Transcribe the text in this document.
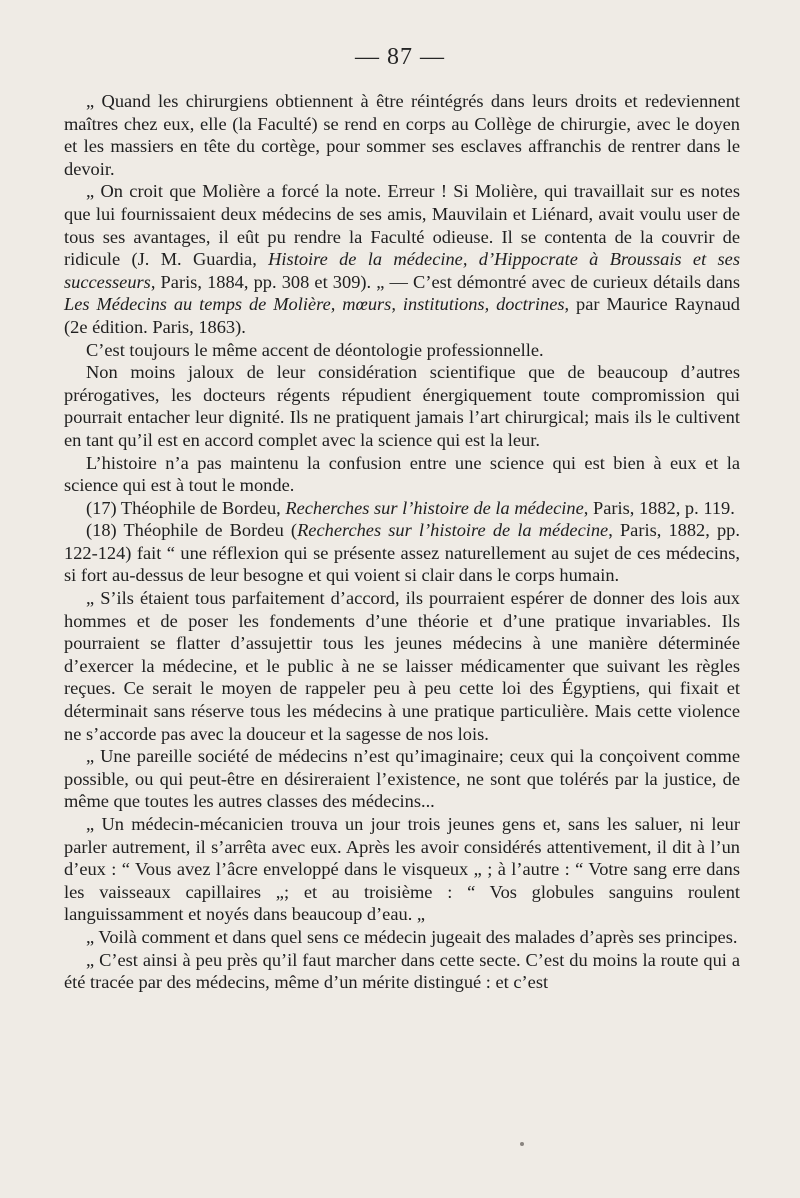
— 87 —

„ Quand les chirurgiens obtiennent à être réintégrés dans leurs droits et redeviennent maîtres chez eux, elle (la Faculté) se rend en corps au Collège de chirurgie, avec le doyen et les massiers en tête du cortège, pour sommer ses esclaves affranchis de rentrer dans le devoir.

„ On croit que Molière a forcé la note. Erreur ! Si Molière, qui travaillait sur es notes que lui fournissaient deux médecins de ses amis, Mauvilain et Liénard, avait voulu user de tous ses avantages, il eût pu rendre la Faculté odieuse. Il se contenta de la couvrir de ridicule (J. M. Guardia, Histoire de la médecine, d’Hippocrate à Broussais et ses successeurs, Paris, 1884, pp. 308 et 309). „ — C’est démontré avec de curieux détails dans Les Médecins au temps de Molière, mœurs, institutions, doctrines, par Maurice Raynaud (2e édition. Paris, 1863).

C’est toujours le même accent de déontologie professionnelle.

Non moins jaloux de leur considération scientifique que de beaucoup d’autres prérogatives, les docteurs régents répudient énergiquement toute compromission qui pourrait entacher leur dignité. Ils ne pratiquent jamais l’art chirurgical; mais ils le cultivent en tant qu’il est en accord complet avec la science qui est la leur.

L’histoire n’a pas maintenu la confusion entre une science qui est bien à eux et la science qui est à tout le monde.

(17) Théophile de Bordeu, Recherches sur l’histoire de la médecine, Paris, 1882, p. 119.

(18) Théophile de Bordeu (Recherches sur l’histoire de la médecine, Paris, 1882, pp. 122-124) fait “ une réflexion qui se présente assez naturellement au sujet de ces médecins, si fort au-dessus de leur besogne et qui voient si clair dans le corps humain.

„ S’ils étaient tous parfaitement d’accord, ils pourraient espérer de donner des lois aux hommes et de poser les fondements d’une théorie et d’une pratique invariables. Ils pourraient se flatter d’assujettir tous les jeunes médecins à une manière déterminée d’exercer la médecine, et le public à ne se laisser médicamenter que suivant les règles reçues. Ce serait le moyen de rappeler peu à peu cette loi des Égyptiens, qui fixait et déterminait sans réserve tous les médecins à une pratique particulière. Mais cette violence ne s’accorde pas avec la douceur et la sagesse de nos lois.

„ Une pareille société de médecins n’est qu’imaginaire; ceux qui la conçoivent comme possible, ou qui peut-être en désireraient l’existence, ne sont que tolérés par la justice, de même que toutes les autres classes des médecins...

„ Un médecin-mécanicien trouva un jour trois jeunes gens et, sans les saluer, ni leur parler autrement, il s’arrêta avec eux. Après les avoir considérés attentivement, il dit à l’un d’eux : “ Vous avez l’âcre enveloppé dans le visqueux „ ; à l’autre : “ Votre sang erre dans les vaisseaux capillaires „; et au troisième : “ Vos globules sanguins roulent languissamment et noyés dans beaucoup d’eau. „

„ Voilà comment et dans quel sens ce médecin jugeait des malades d’après ses principes.

„ C’est ainsi à peu près qu’il faut marcher dans cette secte. C’est du moins la route qui a été tracée par des médecins, même d’un mérite distingué : et c’est
